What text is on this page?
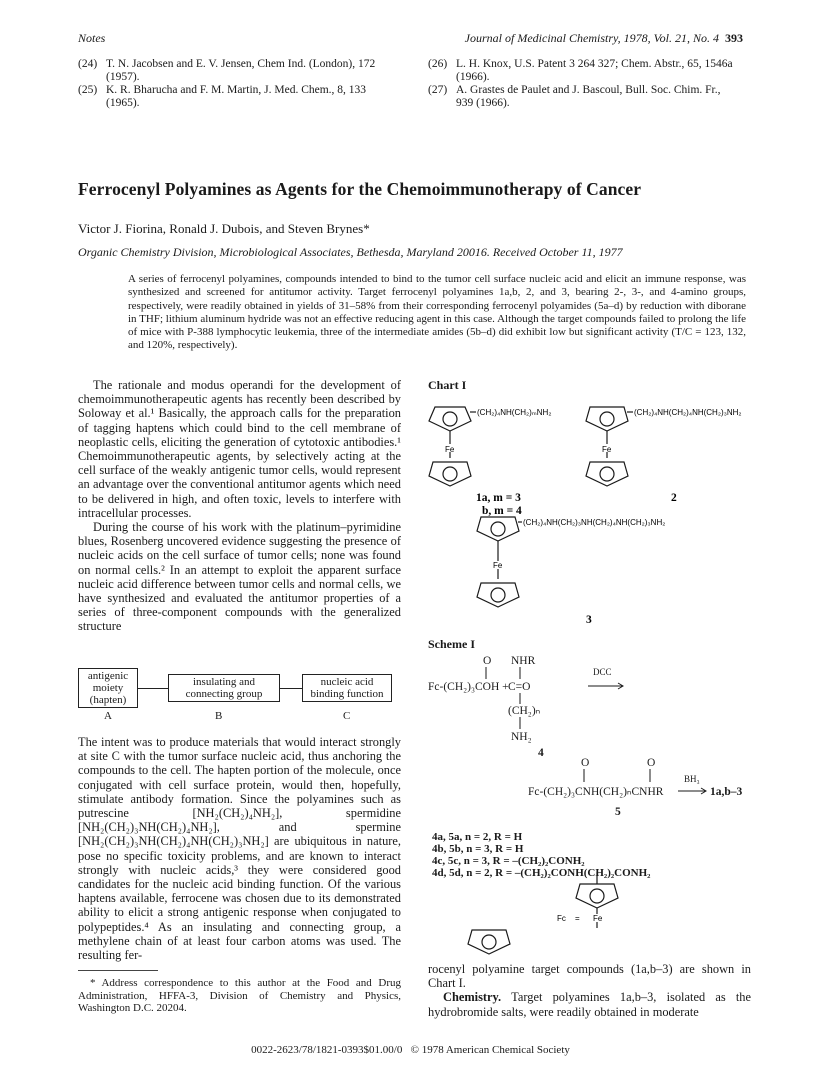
Notes	Journal of Medicinal Chemistry, 1978, Vol. 21, No. 4 393
(24) T. N. Jacobsen and E. V. Jensen, Chem Ind. (London), 172
(1957).
(25) K. R. Bharucha and F. M. Martin, J. Med. Chem., 8, 133
(1965).
(26) L. H. Knox, U.S. Patent 3 264 327; Chem. Abstr., 65, 1546a
(1966).
(27) A. Grastes de Paulet and J. Bascoul, Bull. Soc. Chim. Fr.,
939 (1966).
Ferrocenyl Polyamines as Agents for the Chemoimmunotherapy of Cancer
Victor J. Fiorina, Ronald J. Dubois, and Steven Brynes*
Organic Chemistry Division, Microbiological Associates, Bethesda, Maryland 20016. Received October 11, 1977
A series of ferrocenyl polyamines, compounds intended to bind to the tumor cell surface nucleic acid and elicit an immune response, was synthesized and screened for antitumor activity. Target ferrocenyl polyamines 1a,b, 2, and 3, bearing 2-, 3-, and 4-amino groups, respectively, were readily obtained in yields of 31–58% from their corresponding ferrocenyl polyamides (5a–d) by reduction with diborane in THF; lithium aluminum hydride was not an effective reducing agent in this case. Although the target compounds failed to prolong the life of mice with P-388 lymphocytic leukemia, three of the intermediate amides (5b–d) did exhibit low but significant activity (T/C = 123, 132, and 120%, respectively).

The rationale and modus operandi for the development of chemoimmunotherapeutic agents has recently been described by Soloway et al.¹ Basically, the approach calls for the preparation of tagging haptens which could bind to the cell membrane of neoplastic cells, eliciting the generation of cytotoxic antibodies.¹ Chemoimmunotherapeutic agents, by selectively acting at the cell surface of the weakly antigenic tumor cells, would represent an advantage over the conventional antitumor agents which need to be delivered in high, and often toxic, levels to interfere with intracellular processes.

During the course of his work with the platinum–pyrimidine blues, Rosenberg uncovered evidence suggesting the presence of nucleic acids on the cell surface of tumor cells; none was found on normal cells.² In an attempt to exploit the apparent surface nucleic acid difference between tumor cells and normal cells, we have synthesized and evaluated the antitumor properties of a series of three-component compounds with the generalized structure

antigenic moiety (hapten)
insulating and connecting group
nucleic acid binding function
A	B	C

The intent was to produce materials that would interact strongly at site C with the tumor surface nucleic acid, thus anchoring the compounds to the cell. The hapten portion of the molecule, once conjugated with cell surface protein, would then, hopefully, stimulate antibody formation. Since the polyamines such as putrescine [NH₂(CH₂)₄NH₂], spermidine [NH₂(CH₂)₃NH(CH₂)₄NH₂], and spermine [NH₂(CH₂)₃NH(CH₂)₄NH(CH₂)₃NH₂] are ubiquitous in nature, pose no specific toxicity problems, and are known to interact strongly with nucleic acids,³ they were considered good candidates for the nucleic acid binding function. Of the various haptens available, ferrocene was chosen due to its demonstrated ability to elicit a strong antigenic response when conjugated to polypeptides.⁴ As an insulating and connecting group, a methylene chain of at least four carbon atoms was used. The resulting fer-

* Address correspondence to this author at the Food and Drug Administration, HFFA-3, Division of Chemistry and Physics, Washington D.C. 20204.
Chart I
(CH₂)₄NH(CH₂)ₘNH₂
Fe
(CH₂)₄NH(CH₂)₄NH(CH₂)₃NH₂
Fe
(CH₂)₄NH(CH₂)₃NH(CH₂)₄NH(CH₂)₃NH₂
Fe
1a, m = 3
b, m = 4
2
3
Scheme I
O NHR
Fc-(CH₂)₃COH + C=O
(CH₂)ₙ
NH₂
DCC
4
O	O
Fc-(CH₂)₃CNH(CH₂)ₙCNHR
BH₃
1a,b–3
5
4a, 5a, n = 2, R = H
4b, 5b, n = 3, R = H
4c, 5c, n = 3, R = –(CH₂)₂CONH₂
4d, 5d, n = 2, R = –(CH₂)₂CONH(CH₂)₂CONH₂
Fc = Fe

rocenyl polyamine target compounds (1a,b–3) are shown in Chart I.

Chemistry. Target polyamines 1a,b–3, isolated as the hydrobromide salts, were readily obtained in moderate

0022-2623/78/1821-0393$01.00/0 © 1978 American Chemical Society
